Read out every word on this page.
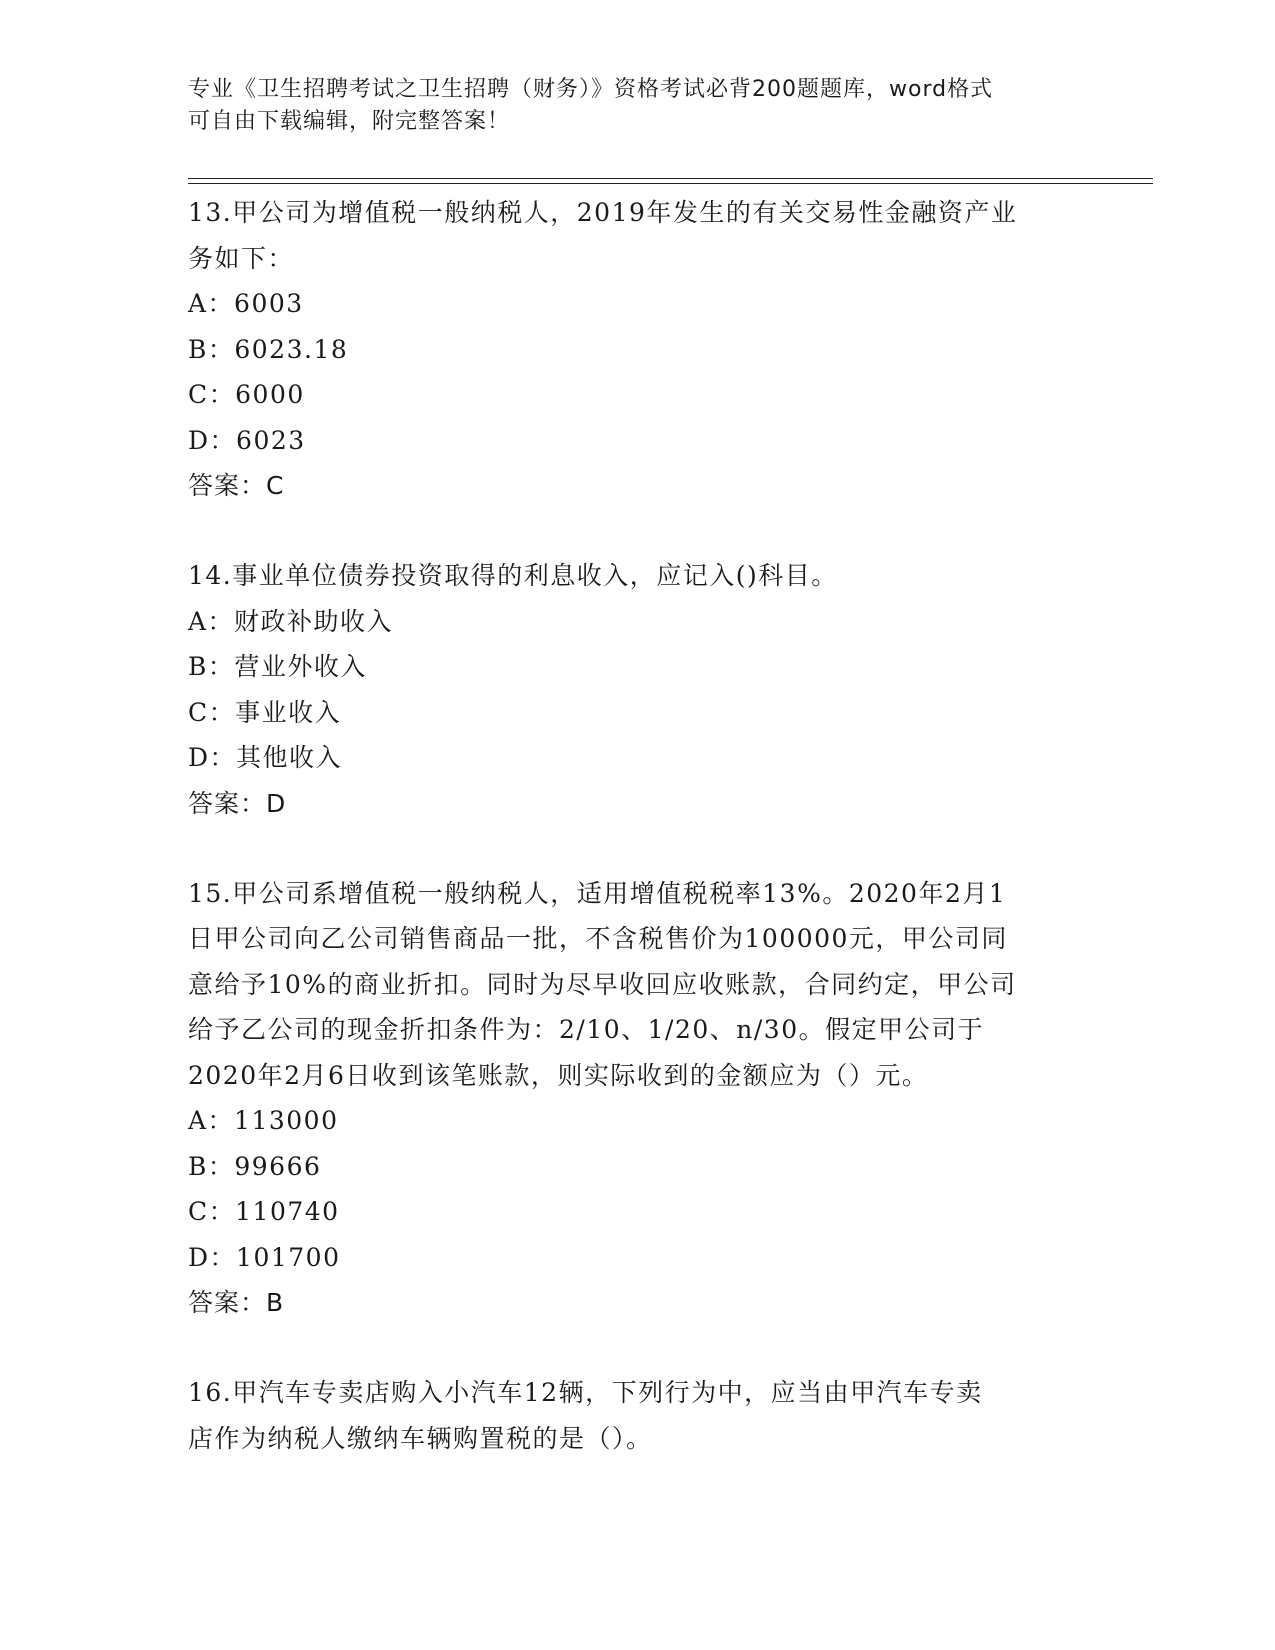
专业《卫生招聘考试之卫生招聘（财务）》资格考试必背200题题库，word格式
可自由下载编辑，附完整答案！

13.甲公司为增值税一般纳税人，2019年发生的有关交易性金融资产业

务如下：

A：6003

B：6023.18

C：6000

D：6023

答案：C

14.事业单位债券投资取得的利息收入，应记入()科目。

A：财政补助收入

B：营业外收入

C：事业收入

D：其他收入

答案：D

15.甲公司系增值税一般纳税人，适用增值税税率13%。2020年2月1

日甲公司向乙公司销售商品一批，不含税售价为100000元，甲公司同

意给予10%的商业折扣。同时为尽早收回应收账款，合同约定，甲公司

给予乙公司的现金折扣条件为：2/10、1/20、n/30。假定甲公司于

2020年2月6日收到该笔账款，则实际收到的金额应为（）元。

A：113000

B：99666

C：110740

D：101700

答案：B

16.甲汽车专卖店购入小汽车12辆，下列行为中，应当由甲汽车专卖

店作为纳税人缴纳车辆购置税的是（）。
